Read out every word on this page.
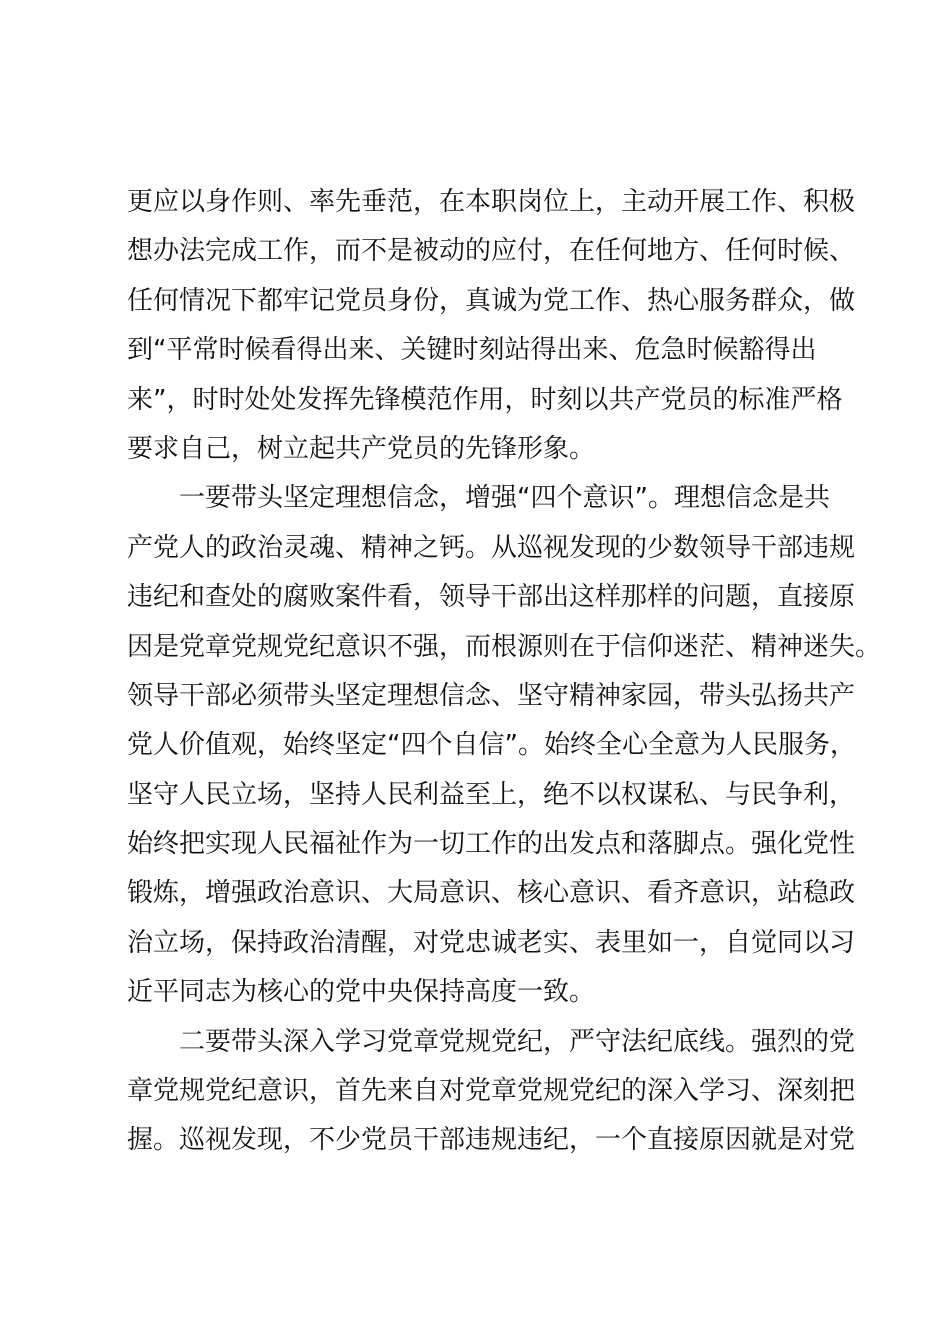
更应以身作则、率先垂范，在本职岗位上，主动开展工作、积极
想办法完成工作，而不是被动的应付，在任何地方、任何时候、
任何情况下都牢记党员身份，真诚为党工作、热心服务群众，做
到“平常时候看得出来、关键时刻站得出来、危急时候豁得出
来”，时时处处发挥先锋模范作用，时刻以共产党员的标准严格
要求自己，树立起共产党员的先锋形象。
　　一要带头坚定理想信念，增强“四个意识”。理想信念是共
产党人的政治灵魂、精神之钙。从巡视发现的少数领导干部违规
违纪和查处的腐败案件看，领导干部出这样那样的问题，直接原
因是党章党规党纪意识不强，而根源则在于信仰迷茫、精神迷失。
领导干部必须带头坚定理想信念、坚守精神家园，带头弘扬共产
党人价值观，始终坚定“四个自信”。始终全心全意为人民服务，
坚守人民立场，坚持人民利益至上，绝不以权谋私、与民争利，
始终把实现人民福祉作为一切工作的出发点和落脚点。强化党性
锻炼，增强政治意识、大局意识、核心意识、看齐意识，站稳政
治立场，保持政治清醒，对党忠诚老实、表里如一，自觉同以习
近平同志为核心的党中央保持高度一致。
　　二要带头深入学习党章党规党纪，严守法纪底线。强烈的党
章党规党纪意识，首先来自对党章党规党纪的深入学习、深刻把
握。巡视发现，不少党员干部违规违纪，一个直接原因就是对党
